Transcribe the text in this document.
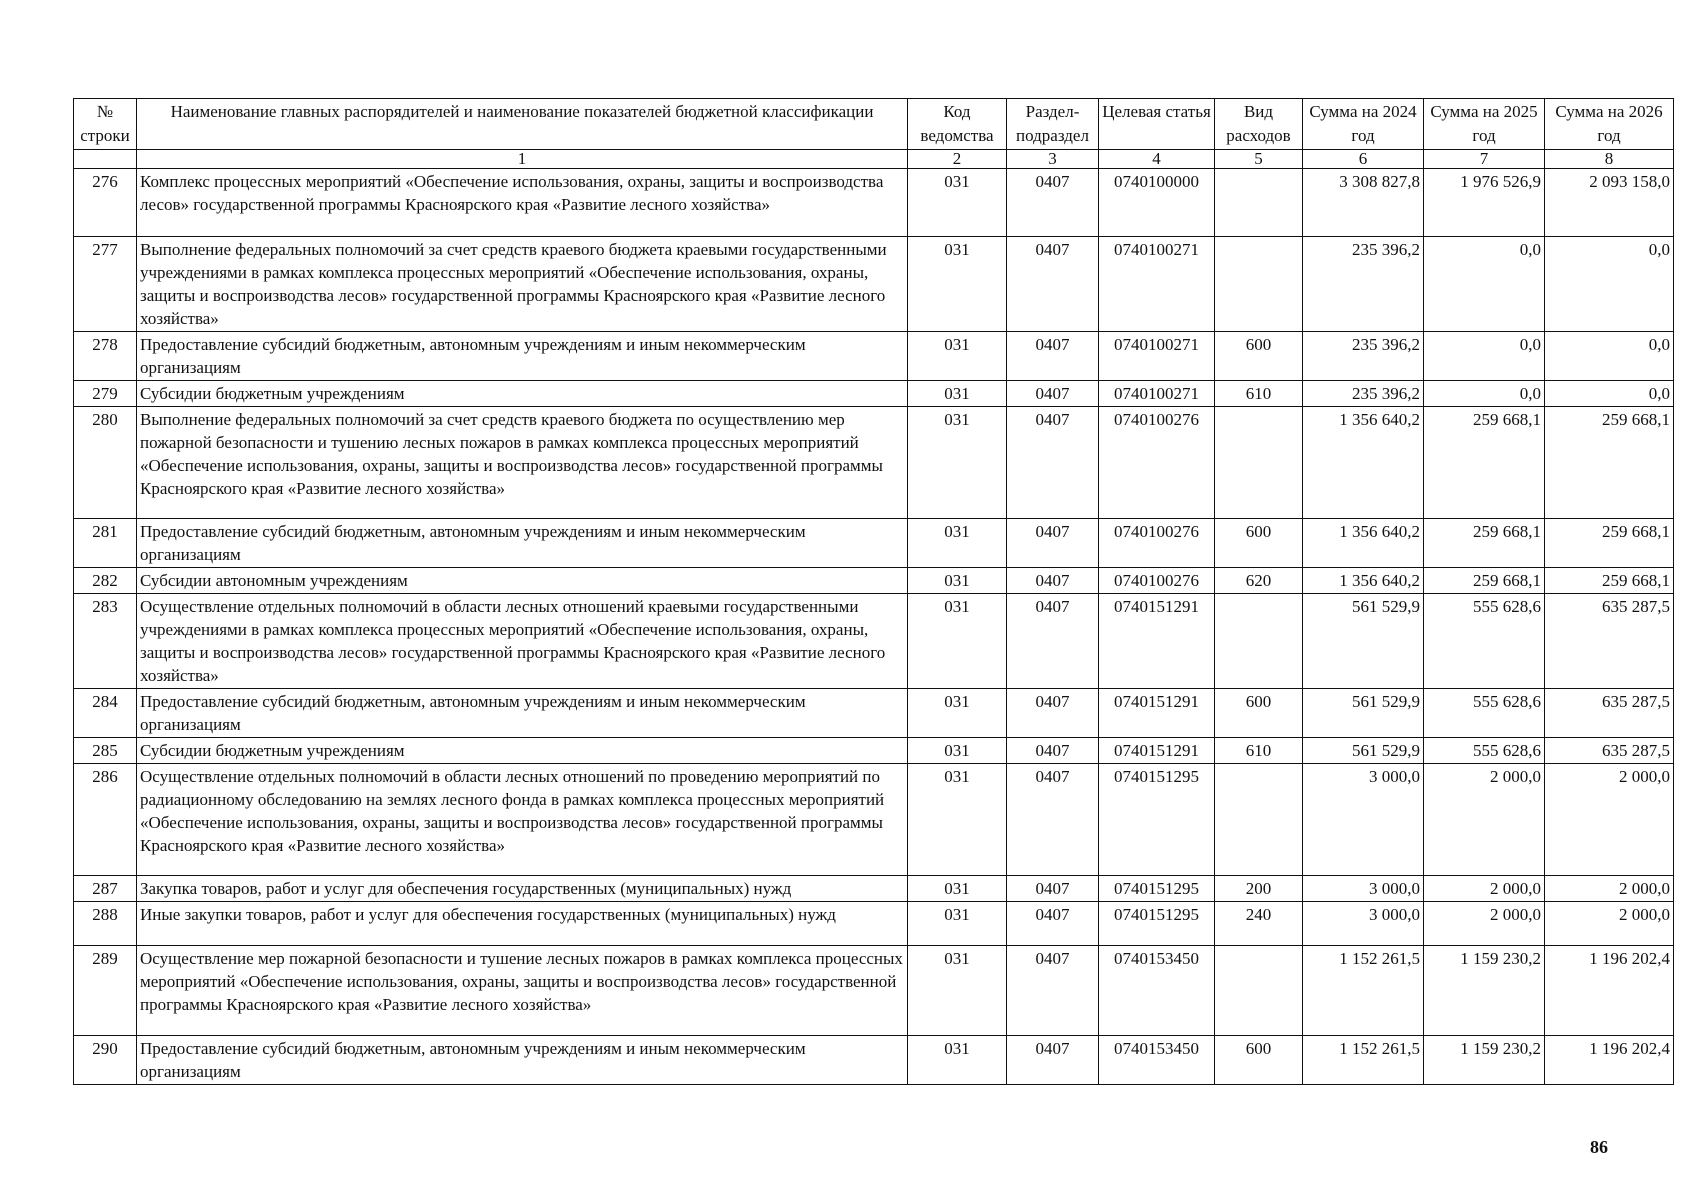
№ строки	Наименование главных распорядителей и наименование показателей бюджетной классификации	Код ведомства	Раздел-подраздел	Целевая статья	Вид расходов	Сумма на 2024 год	Сумма на 2025 год	Сумма на 2026 год
	1	2	3	4	5	6	7	8
276	Комплекс процессных мероприятий «Обеспечение использования, охраны, защиты и воспроизводства лесов» государственной программы Красноярского края «Развитие лесного хозяйства»	031	0407	0740100000		3 308 827,8	1 976 526,9	2 093 158,0
277	Выполнение федеральных полномочий за счет средств краевого бюджета краевыми государственными учреждениями в рамках комплекса процессных мероприятий «Обеспечение использования, охраны, защиты и воспроизводства лесов» государственной программы Красноярского края «Развитие лесного хозяйства»	031	0407	0740100271		235 396,2	0,0	0,0
278	Предоставление субсидий бюджетным, автономным учреждениям и иным некоммерческим организациям	031	0407	0740100271	600	235 396,2	0,0	0,0
279	Субсидии бюджетным учреждениям	031	0407	0740100271	610	235 396,2	0,0	0,0
280	Выполнение федеральных полномочий за счет средств краевого бюджета по осуществлению мер пожарной безопасности и тушению лесных пожаров в рамках комплекса процессных мероприятий «Обеспечение использования, охраны, защиты и воспроизводства лесов» государственной программы Красноярского края «Развитие лесного хозяйства»	031	0407	0740100276		1 356 640,2	259 668,1	259 668,1
281	Предоставление субсидий бюджетным, автономным учреждениям и иным некоммерческим организациям	031	0407	0740100276	600	1 356 640,2	259 668,1	259 668,1
282	Субсидии автономным учреждениям	031	0407	0740100276	620	1 356 640,2	259 668,1	259 668,1
283	Осуществление отдельных полномочий в области лесных отношений краевыми государственными учреждениями в рамках комплекса процессных мероприятий «Обеспечение использования, охраны, защиты и воспроизводства лесов» государственной программы Красноярского края «Развитие лесного хозяйства»	031	0407	0740151291		561 529,9	555 628,6	635 287,5
284	Предоставление субсидий бюджетным, автономным учреждениям и иным некоммерческим организациям	031	0407	0740151291	600	561 529,9	555 628,6	635 287,5
285	Субсидии бюджетным учреждениям	031	0407	0740151291	610	561 529,9	555 628,6	635 287,5
286	Осуществление отдельных полномочий в области лесных отношений по проведению мероприятий по радиационному обследованию на землях лесного фонда в рамках комплекса процессных мероприятий «Обеспечение использования, охраны, защиты и воспроизводства лесов» государственной программы Красноярского края «Развитие лесного хозяйства»	031	0407	0740151295		3 000,0	2 000,0	2 000,0
287	Закупка товаров, работ и услуг для обеспечения государственных (муниципальных) нужд	031	0407	0740151295	200	3 000,0	2 000,0	2 000,0
288	Иные закупки товаров, работ и услуг для обеспечения государственных (муниципальных) нужд	031	0407	0740151295	240	3 000,0	2 000,0	2 000,0
289	Осуществление мер пожарной безопасности и тушение лесных пожаров в рамках комплекса процессных мероприятий «Обеспечение использования, охраны, защиты и воспроизводства лесов» государственной программы Красноярского края «Развитие лесного хозяйства»	031	0407	0740153450		1 152 261,5	1 159 230,2	1 196 202,4
290	Предоставление субсидий бюджетным, автономным учреждениям и иным некоммерческим организациям	031	0407	0740153450	600	1 152 261,5	1 159 230,2	1 196 202,4
86
